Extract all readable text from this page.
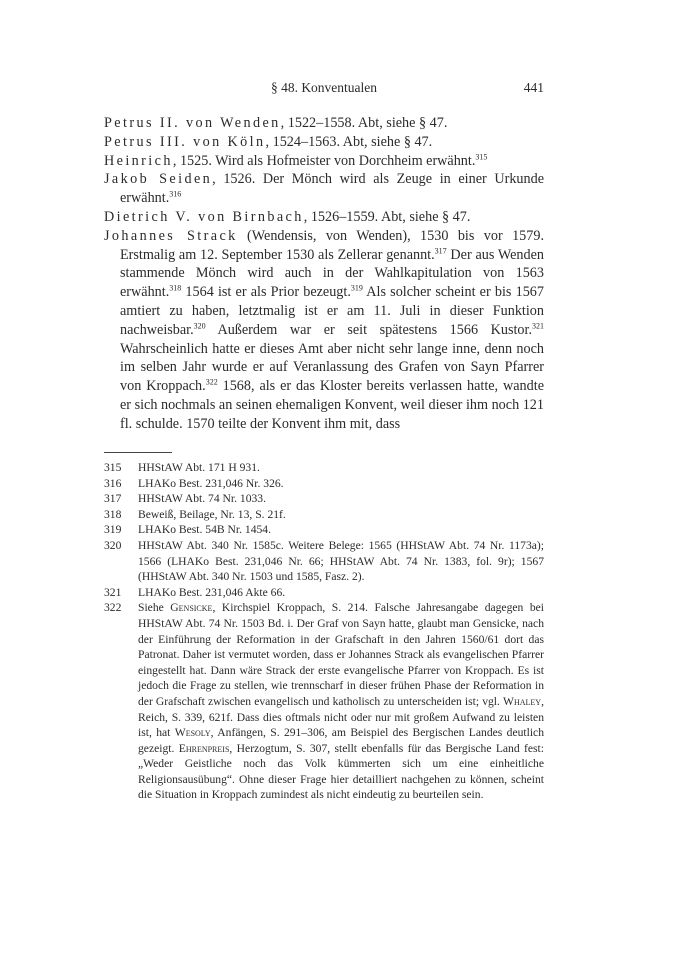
§ 48. Konventualen	441

Petrus II. von Wenden, 1522–1558. Abt, siehe § 47.

Petrus III. von Köln, 1524–1563. Abt, siehe § 47.

Heinrich, 1525. Wird als Hofmeister von Dorchheim erwähnt.$^{315}$

Jakob Seiden, 1526. Der Mönch wird als Zeuge in einer Urkunde erwähnt.$^{316}$

Dietrich V. von Birnbach, 1526–1559. Abt, siehe § 47.

Johannes Strack (Wendensis, von Wenden), 1530 bis vor 1579. Erstmalig am 12. September 1530 als Zellerar genannt.$^{317}$ Der aus Wenden stammende Mönch wird auch in der Wahlkapitulation von 1563 erwähnt.$^{318}$ 1564 ist er als Prior bezeugt.$^{319}$ Als solcher scheint er bis 1567 amtiert zu haben, letztmalig ist er am 11. Juli in dieser Funktion nachweisbar.$^{320}$ Außerdem war er seit spätestens 1566 Kustor.$^{321}$ Wahrscheinlich hatte er dieses Amt aber nicht sehr lange inne, denn noch im selben Jahr wurde er auf Veranlassung des Grafen von Sayn Pfarrer von Kroppach.$^{322}$ 1568, als er das Kloster bereits verlassen hatte, wandte er sich nochmals an seinen ehemaligen Konvent, weil dieser ihm noch 121 fl. schulde. 1570 teilte der Konvent ihm mit, dass

315 HHStAW Abt. 171 H 931.
316 LHAKo Best. 231,046 Nr. 326.
317 HHStAW Abt. 74 Nr. 1033.
318 Beweiß, Beilage, Nr. 13, S. 21f.
319 LHAKo Best. 54B Nr. 1454.
320 HHStAW Abt. 340 Nr. 1585c. Weitere Belege: 1565 (HHStAW Abt. 74 Nr. 1173a); 1566 (LHAKo Best. 231,046 Nr. 66; HHStAW Abt. 74 Nr. 1383, fol. 9r); 1567 (HHStAW Abt. 340 Nr. 1503 und 1585, Fasz. 2).
321 LHAKo Best. 231,046 Akte 66.
322 Siehe Gensicke, Kirchspiel Kroppach, S. 214. Falsche Jahresangabe dagegen bei HHStAW Abt. 74 Nr. 1503 Bd. i. Der Graf von Sayn hatte, glaubt man Gensicke, nach der Einführung der Reformation in der Grafschaft in den Jahren 1560/61 dort das Patronat. Daher ist vermutet worden, dass er Johannes Strack als evangelischen Pfarrer eingestellt hat. Dann wäre Strack der erste evangelische Pfarrer von Kroppach. Es ist jedoch die Frage zu stellen, wie trennscharf in dieser frühen Phase der Reformation in der Grafschaft zwischen evangelisch und katholisch zu unterscheiden ist; vgl. Whaley, Reich, S. 339, 621f. Dass dies oftmals nicht oder nur mit großem Aufwand zu leisten ist, hat Wesoly, Anfängen, S. 291–306, am Beispiel des Bergischen Landes deutlich gezeigt. Ehrenpreis, Herzogtum, S. 307, stellt ebenfalls für das Bergische Land fest: „Weder Geistliche noch das Volk kümmerten sich um eine einheitliche Religionsausübung“. Ohne dieser Frage hier detailliert nachgehen zu können, scheint die Situation in Kroppach zumindest als nicht eindeutig zu beurteilen sein.
